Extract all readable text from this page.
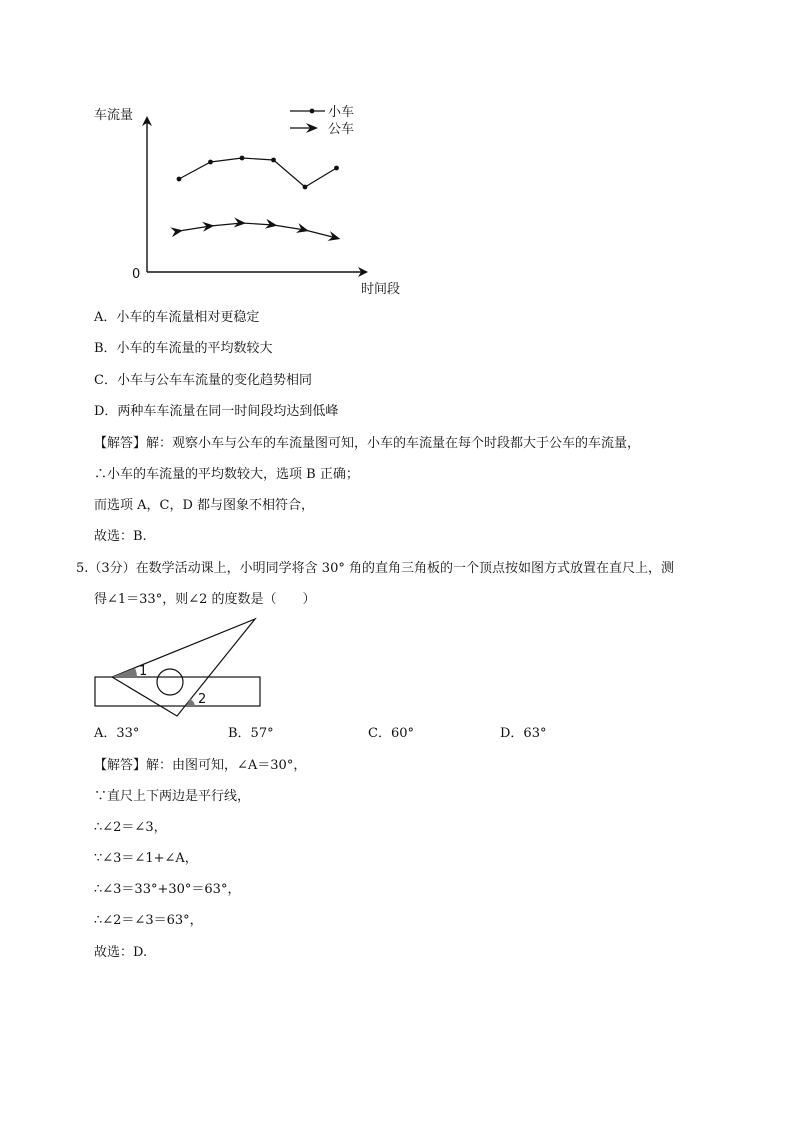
车流量
时间段
0
小车
公车
A．小车的车流量相对更稳定
B．小车的车流量的平均数较大
C．小车与公车车流量的变化趋势相同
D．两种车车流量在同一时间段均达到低峰
【解答】解：观察小车与公车的车流量图可知，小车的车流量在每个时段都大于公车的车流量，
∴小车的车流量的平均数较大，选项 B 正确；
而选项 A，C，D 都与图象不相符合，
故选：B.
5.（3分）在数学活动课上，小明同学将含 30° 角的直角三角板的一个顶点按如图方式放置在直尺上，测
得∠1＝33°，则∠2 的度数是（　　）
1
2
A．33°	B．57°	C．60°	D．63°
【解答】解：由图可知，∠A＝30°，
∵直尺上下两边是平行线，
∴∠2＝∠3，
∵∠3＝∠1+∠A，
∴∠3＝33°+30°＝63°，
∴∠2＝∠3＝63°，
故选：D.
